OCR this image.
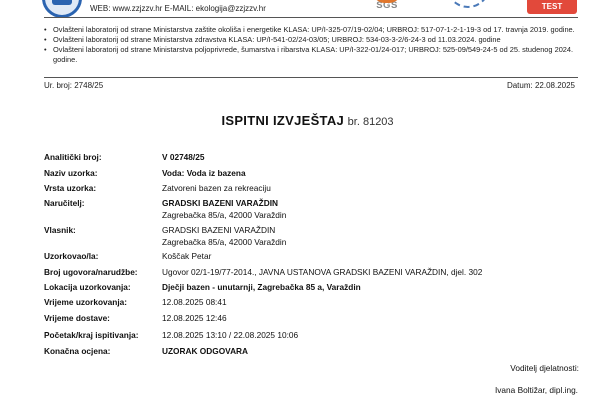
SGS	TEST
WEB: www.zzjzzv.hr E-MAIL: ekologija@zzjzzv.hr
• Ovlašteni laboratorij od strane Ministarstva zaštite okoliša i energetike KLASA: UP/I-325-07/19-02/04; URBROJ: 517-07-1-2-1-19-3 od 17. travnja 2019. godine.
• Ovlašteni laboratorij od strane Ministarstva zdravstva KLASA: UP/I-541-02/24-03/05; URBROJ: 534-03-3-2/6-24-3 od 11.03.2024. godine
• Ovlašteni laboratorij od strane Ministarstva poljoprivrede, šumarstva i ribarstva KLASA: UP/I-322-01/24-017; URBROJ: 525-09/549-24-5 od 25. studenog 2024. godine.
Ur. broj: 2748/25	Datum: 22.08.2025
ISPITNI IZVJEŠTAJ br. 81203
Analitički broj:	V 02748/25
Naziv uzorka:	Voda: Voda iz bazena
Vrsta uzorka:	Zatvoreni bazen za rekreaciju
Naručitelj:	GRADSKI BAZENI VARAŽDIN
Zagrebačka 85/a, 42000 Varaždin
Vlasnik:	GRADSKI BAZENI VARAŽDIN
Zagrebačka 85/a, 42000 Varaždin
Uzorkovao/la:	Koščak Petar
Broj ugovora/narudžbe:	Ugovor 02/1-19/77-2014., JAVNA USTANOVA GRADSKI BAZENI VARAŽDIN, djel. 302
Lokacija uzorkovanja:	Dječji bazen - unutarnji, Zagrebačka 85 a, Varaždin
Vrijeme uzorkovanja:	12.08.2025 08:41
Vrijeme dostave:	12.08.2025 12:46
Početak/kraj ispitivanja:	12.08.2025 13:10 / 22.08.2025 10:06
Konačna ocjena:	UZORAK ODGOVARA
Voditelj djelatnosti:
Ivana Boltižar, dipl.ing.
